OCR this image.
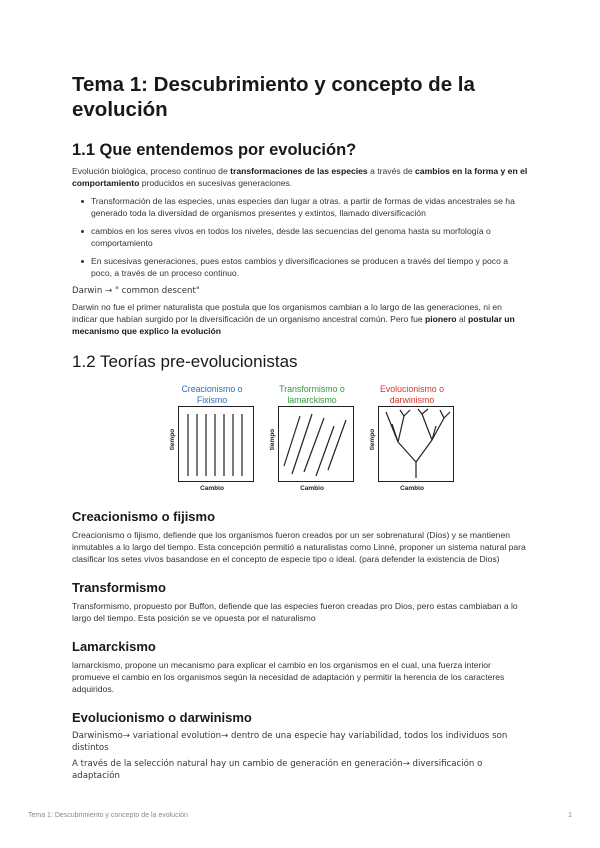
Tema 1: Descubrimiento y concepto de la evolución
1.1 Que entendemos por evolución?

Evolución biológica, proceso continuo de transformaciones de las especies a través de cambios en la forma y en el comportamiento producidos en sucesivas generaciones.

Transformación de las especies, unas especies dan lugar a otras. a partir de formas de vidas ancestrales se ha generado toda la diversidad de organismos presentes y extintos, llamado diversificación
cambios en los seres vivos en todos los niveles, desde las secuencias del genoma hasta su morfología o comportamiento
En sucesivas generaciones, pues estos cambios y diversificaciones se producen a través del tiempo y poco a poco, a través de un proceso continuo.

Darwin → " common descent"

Darwin no fue el primer naturalista que postula que los organismos cambian a lo largo de las generaciones, ni en indicar que habían surgido por la diversificación de un organismo ancestral común. Pero fue pionero al postular un mecanismo que explico la evolución

1.2 Teorías pre-evolucionistas
Creacionismo o Fixismo
tiempo
Cambio
Transformismo o lamarckismo
tiempo
Cambio
Evolucionismo o darwinismo
tiempo
Cambio
Creacionismo o fijismo

Creacionismo o fijismo, defiende que los organismos fueron creados por un ser sobrenatural (Dios) y se mantienen inmutables a lo largo del tiempo. Esta concepción permitió a naturalistas como Linné, proponer un sistema natural para clasificar los setes vivos basandose en el concepto de especie tipo o ideal. (para defender la existencia de Dios)

Transformismo

Transformismo, propuesto por Buffon, defiende que las especies fueron creadas pro Dios, pero estas cambiaban a lo largo del tiempo. Esta posición se ve opuesta por el naturalismo

Lamarckismo

lamarckismo, propone un mecanismo para explicar el cambio en los organismos en el cual, una fuerza interior promueve el cambio en los organismos según la necesidad de adaptación y permitir la herencia de los caracteres adquiridos.

Evolucionismo o darwinismo

Darwinismo→ variational evolution→ dentro de una especie hay variabilidad, todos los individuos son distintos

A través de la selección natural hay un cambio de generación en generación→ diversificación o adaptación

Tema 1: Descubrimiento y concepto de la evolución	1
